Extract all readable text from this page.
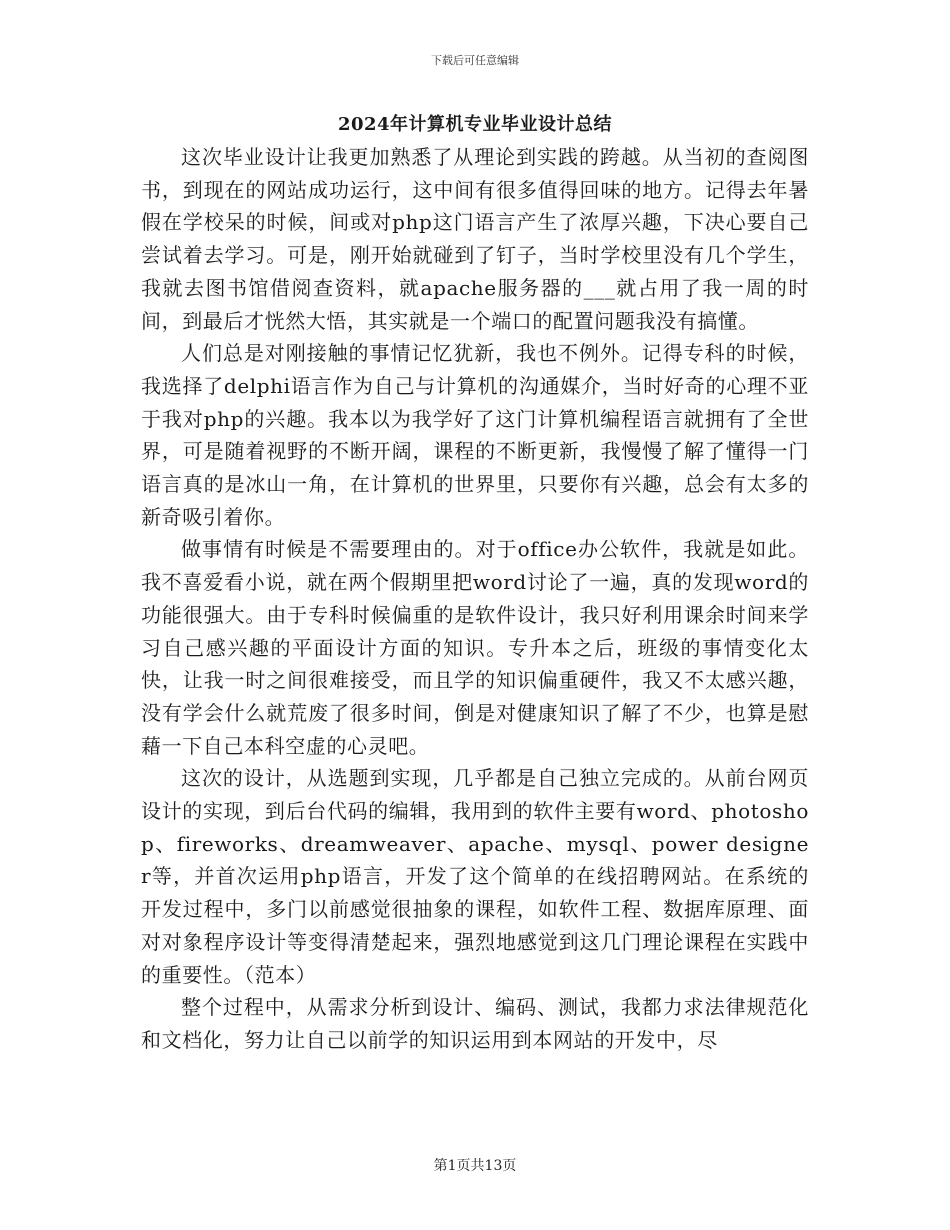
下载后可任意编辑
2024年计算机专业毕业设计总结

这次毕业设计让我更加熟悉了从理论到实践的跨越。从当初的查阅图书，到现在的网站成功运行，这中间有很多值得回味的地方。记得去年暑假在学校呆的时候，间或对php这门语言产生了浓厚兴趣，下决心要自己尝试着去学习。可是，刚开始就碰到了钉子，当时学校里没有几个学生，我就去图书馆借阅查资料，就apache服务器的___就占用了我一周的时间，到最后才恍然大悟，其实就是一个端口的配置问题我没有搞懂。

人们总是对刚接触的事情记忆犹新，我也不例外。记得专科的时候，我选择了delphi语言作为自己与计算机的沟通媒介，当时好奇的心理不亚于我对php的兴趣。我本以为我学好了这门计算机编程语言就拥有了全世界，可是随着视野的不断开阔，课程的不断更新，我慢慢了解了懂得一门语言真的是冰山一角，在计算机的世界里，只要你有兴趣，总会有太多的新奇吸引着你。

做事情有时候是不需要理由的。对于office办公软件，我就是如此。我不喜爱看小说，就在两个假期里把word讨论了一遍，真的发现word的功能很强大。由于专科时候偏重的是软件设计，我只好利用课余时间来学习自己感兴趣的平面设计方面的知识。专升本之后，班级的事情变化太快，让我一时之间很难接受，而且学的知识偏重硬件，我又不太感兴趣，没有学会什么就荒废了很多时间，倒是对健康知识了解了不少，也算是慰藉一下自己本科空虚的心灵吧。

这次的设计，从选题到实现，几乎都是自己独立完成的。从前台网页设计的实现，到后台代码的编辑，我用到的软件主要有word、photoshop、fireworks、dreamweaver、apache、mysql、power designer等，并首次运用php语言，开发了这个简单的在线招聘网站。在系统的开发过程中，多门以前感觉很抽象的课程，如软件工程、数据库原理、面对对象程序设计等变得清楚起来，强烈地感觉到这几门理论课程在实践中的重要性。（范本）

整个过程中，从需求分析到设计、编码、测试，我都力求法律规范化和文档化，努力让自己以前学的知识运用到本网站的开发中，尽

第1页共13页
